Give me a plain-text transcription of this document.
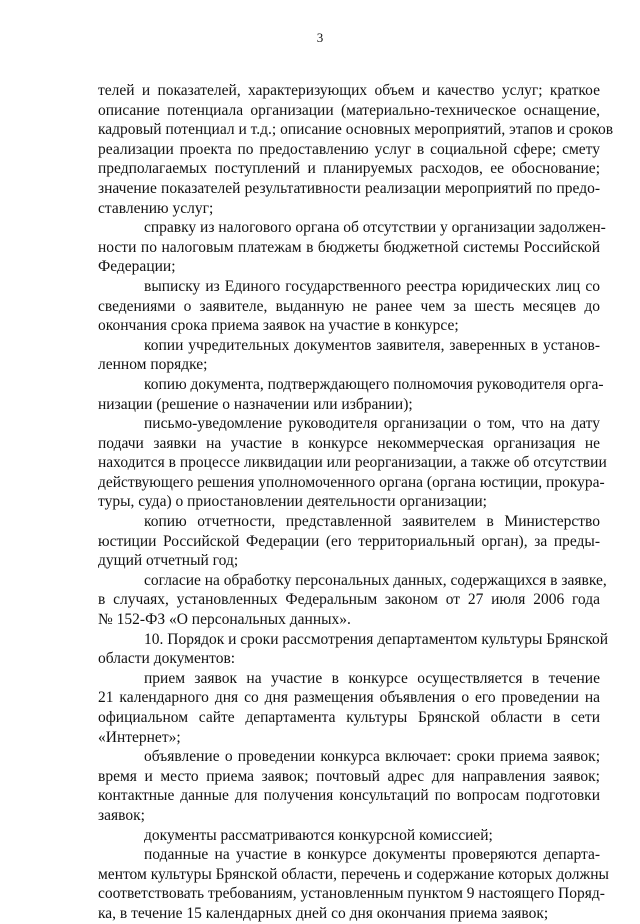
3
телей и показателей, характеризующих объем и качество услуг; краткое
описание потенциала организации (материально-техническое оснащение,
кадровый потенциал и т.д.; описание основных мероприятий, этапов и сроков
реализации проекта по предоставлению услуг в социальной сфере; смету
предполагаемых поступлений и планируемых расходов, ее обоснование;
значение показателей результативности реализации мероприятий по предо-
ставлению услуг;
справку из налогового органа об отсутствии у организации задолжен-
ности по налоговым платежам в бюджеты бюджетной системы Российской
Федерации;
выписку из Единого государственного реестра юридических лиц со
сведениями о заявителе, выданную не ранее чем за шесть месяцев до
окончания срока приема заявок на участие в конкурсе;
копии учредительных документов заявителя, заверенных в установ-
ленном порядке;
копию документа, подтверждающего полномочия руководителя орга-
низации (решение о назначении или избрании);
письмо-уведомление руководителя организации о том, что на дату
подачи заявки на участие в конкурсе некоммерческая организация не
находится в процессе ликвидации или реорганизации, а также об отсутствии
действующего решения уполномоченного органа (органа юстиции, прокура-
туры, суда) о приостановлении деятельности организации;
копию отчетности, представленной заявителем в Министерство
юстиции Российской Федерации (его территориальный орган), за преды-
дущий отчетный год;
согласие на обработку персональных данных, содержащихся в заявке,
в случаях, установленных Федеральным законом от 27 июля 2006 года
№ 152-ФЗ «О персональных данных».
10. Порядок и сроки рассмотрения департаментом культуры Брянской
области документов:
прием заявок на участие в конкурсе осуществляется в течение
21 календарного дня со дня размещения объявления о его проведении на
официальном сайте департамента культуры Брянской области в сети
«Интернет»;
объявление о проведении конкурса включает: сроки приема заявок;
время и место приема заявок; почтовый адрес для направления заявок;
контактные данные для получения консультаций по вопросам подготовки
заявок;
документы рассматриваются конкурсной комиссией;
поданные на участие в конкурсе документы проверяются департа-
ментом культуры Брянской области, перечень и содержание которых должны
соответствовать требованиям, установленным пунктом 9 настоящего Поряд-
ка, в течение 15 календарных дней со дня окончания приема заявок;
